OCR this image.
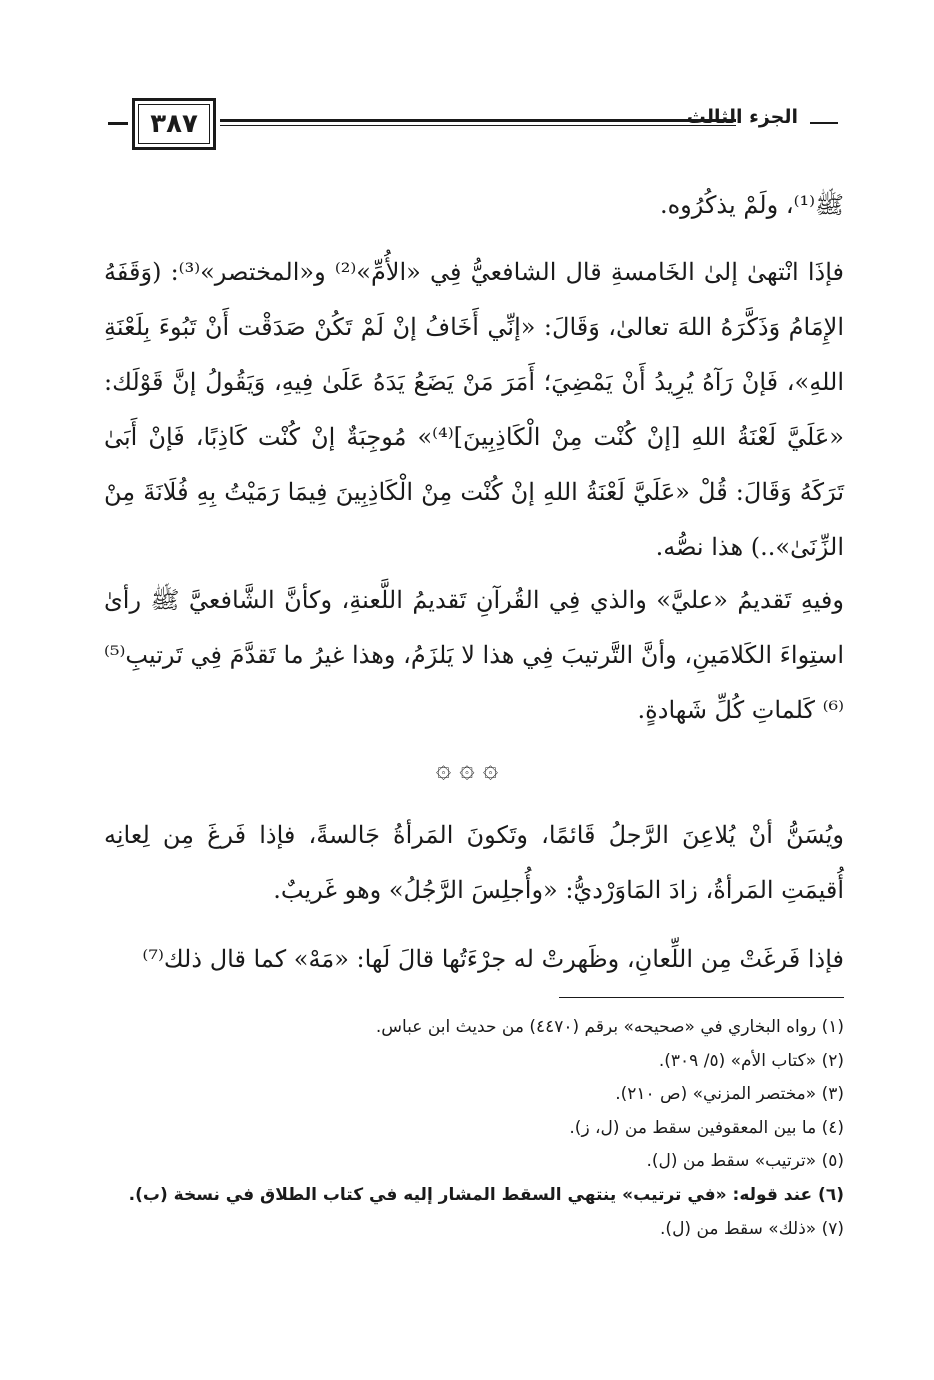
٣٨٧	الجزء الثالث

ﷺ⁽¹⁾، ولَمْ يذكُرُوه.

فإذَا انْتهىٰ إلىٰ الخَامسةِ قال الشافعيُّ فِي «الأُمِّ»⁽²⁾ و«المختصر»⁽³⁾: (وَقَفَهُ الإِمَامُ وَذَكَّرَهُ اللهَ تعالىٰ، وَقَالَ: «إنِّي أَخَافُ إنْ لَمْ تَكُنْ صَدَقْت أَنْ تَبُوءَ بِلَعْنَةِ اللهِ»، فَإنْ رَآهُ يُرِيدُ أَنْ يَمْضِيَ؛ أَمَرَ مَنْ يَضَعُ يَدَهُ عَلَىٰ فِيهِ، وَيَقُولُ إنَّ قَوْلَك: «عَلَيَّ لَعْنَةُ اللهِ [إنْ كُنْت مِنْ الْكَاذِبِينَ]⁽⁴⁾» مُوجِبَةٌ إنْ كُنْت كَاذِبًا، فَإنْ أَبَىٰ تَرَكَهُ وَقَالَ: قُلْ «عَلَيَّ لَعْنَةُ اللهِ إنْ كُنْت مِنْ الْكَاذِبِينَ فِيمَا رَمَيْتُ بِهِ فُلَانَةَ مِنْ الزِّنَىٰ»..) هذا نصُّه.

وفيهِ تَقديمُ «عليَّ» والذي فِي القُرآنِ تَقديمُ اللَّعنةِ، وكأنَّ الشَّافعيَّ ﷺ رأىٰ استِواءَ الكَلامَينِ، وأنَّ التَّرتيبَ فِي هذا لا يَلزَمُ، وهذا غيرُ ما تَقدَّمَ فِي تَرتيبِ⁽⁵⁾⁽⁶⁾ كَلماتِ كُلِّ شَهادةٍ.

۞ ۞ ۞

ويُسَنُّ أنْ يُلاعِنَ الرَّجلُ قَائمًا، وتَكونَ المَرأةُ جَالسةً، فإذا فَرغَ مِن لِعانِه أُقيمَتِ المَرأةُ، زادَ المَاوَرْديُّ: «وأُجلِسَ الرَّجُلُ» وهو غَريبٌ.

فإذا فَرغَتْ مِن اللِّعانِ، وظَهرتْ له جرْءَتُها قالَ لَها: «مَهْ» كما قال ذلك⁽⁷⁾

(١) رواه البخاري في «صحيحه» برقم (٤٤٧٠) من حديث ابن عباس.
(٢) «كتاب الأم» (٥/ ٣٠٩).
(٣) «مختصر المزني» (ص ٢١٠).
(٤) ما بين المعقوفين سقط من (ل، ز).
(٥) «ترتيب» سقط من (ل).
(٦) عند قوله: «في ترتيب» ينتهي السقط المشار إليه في كتاب الطلاق في نسخة (ب).
(٧) «ذلك» سقط من (ل).
